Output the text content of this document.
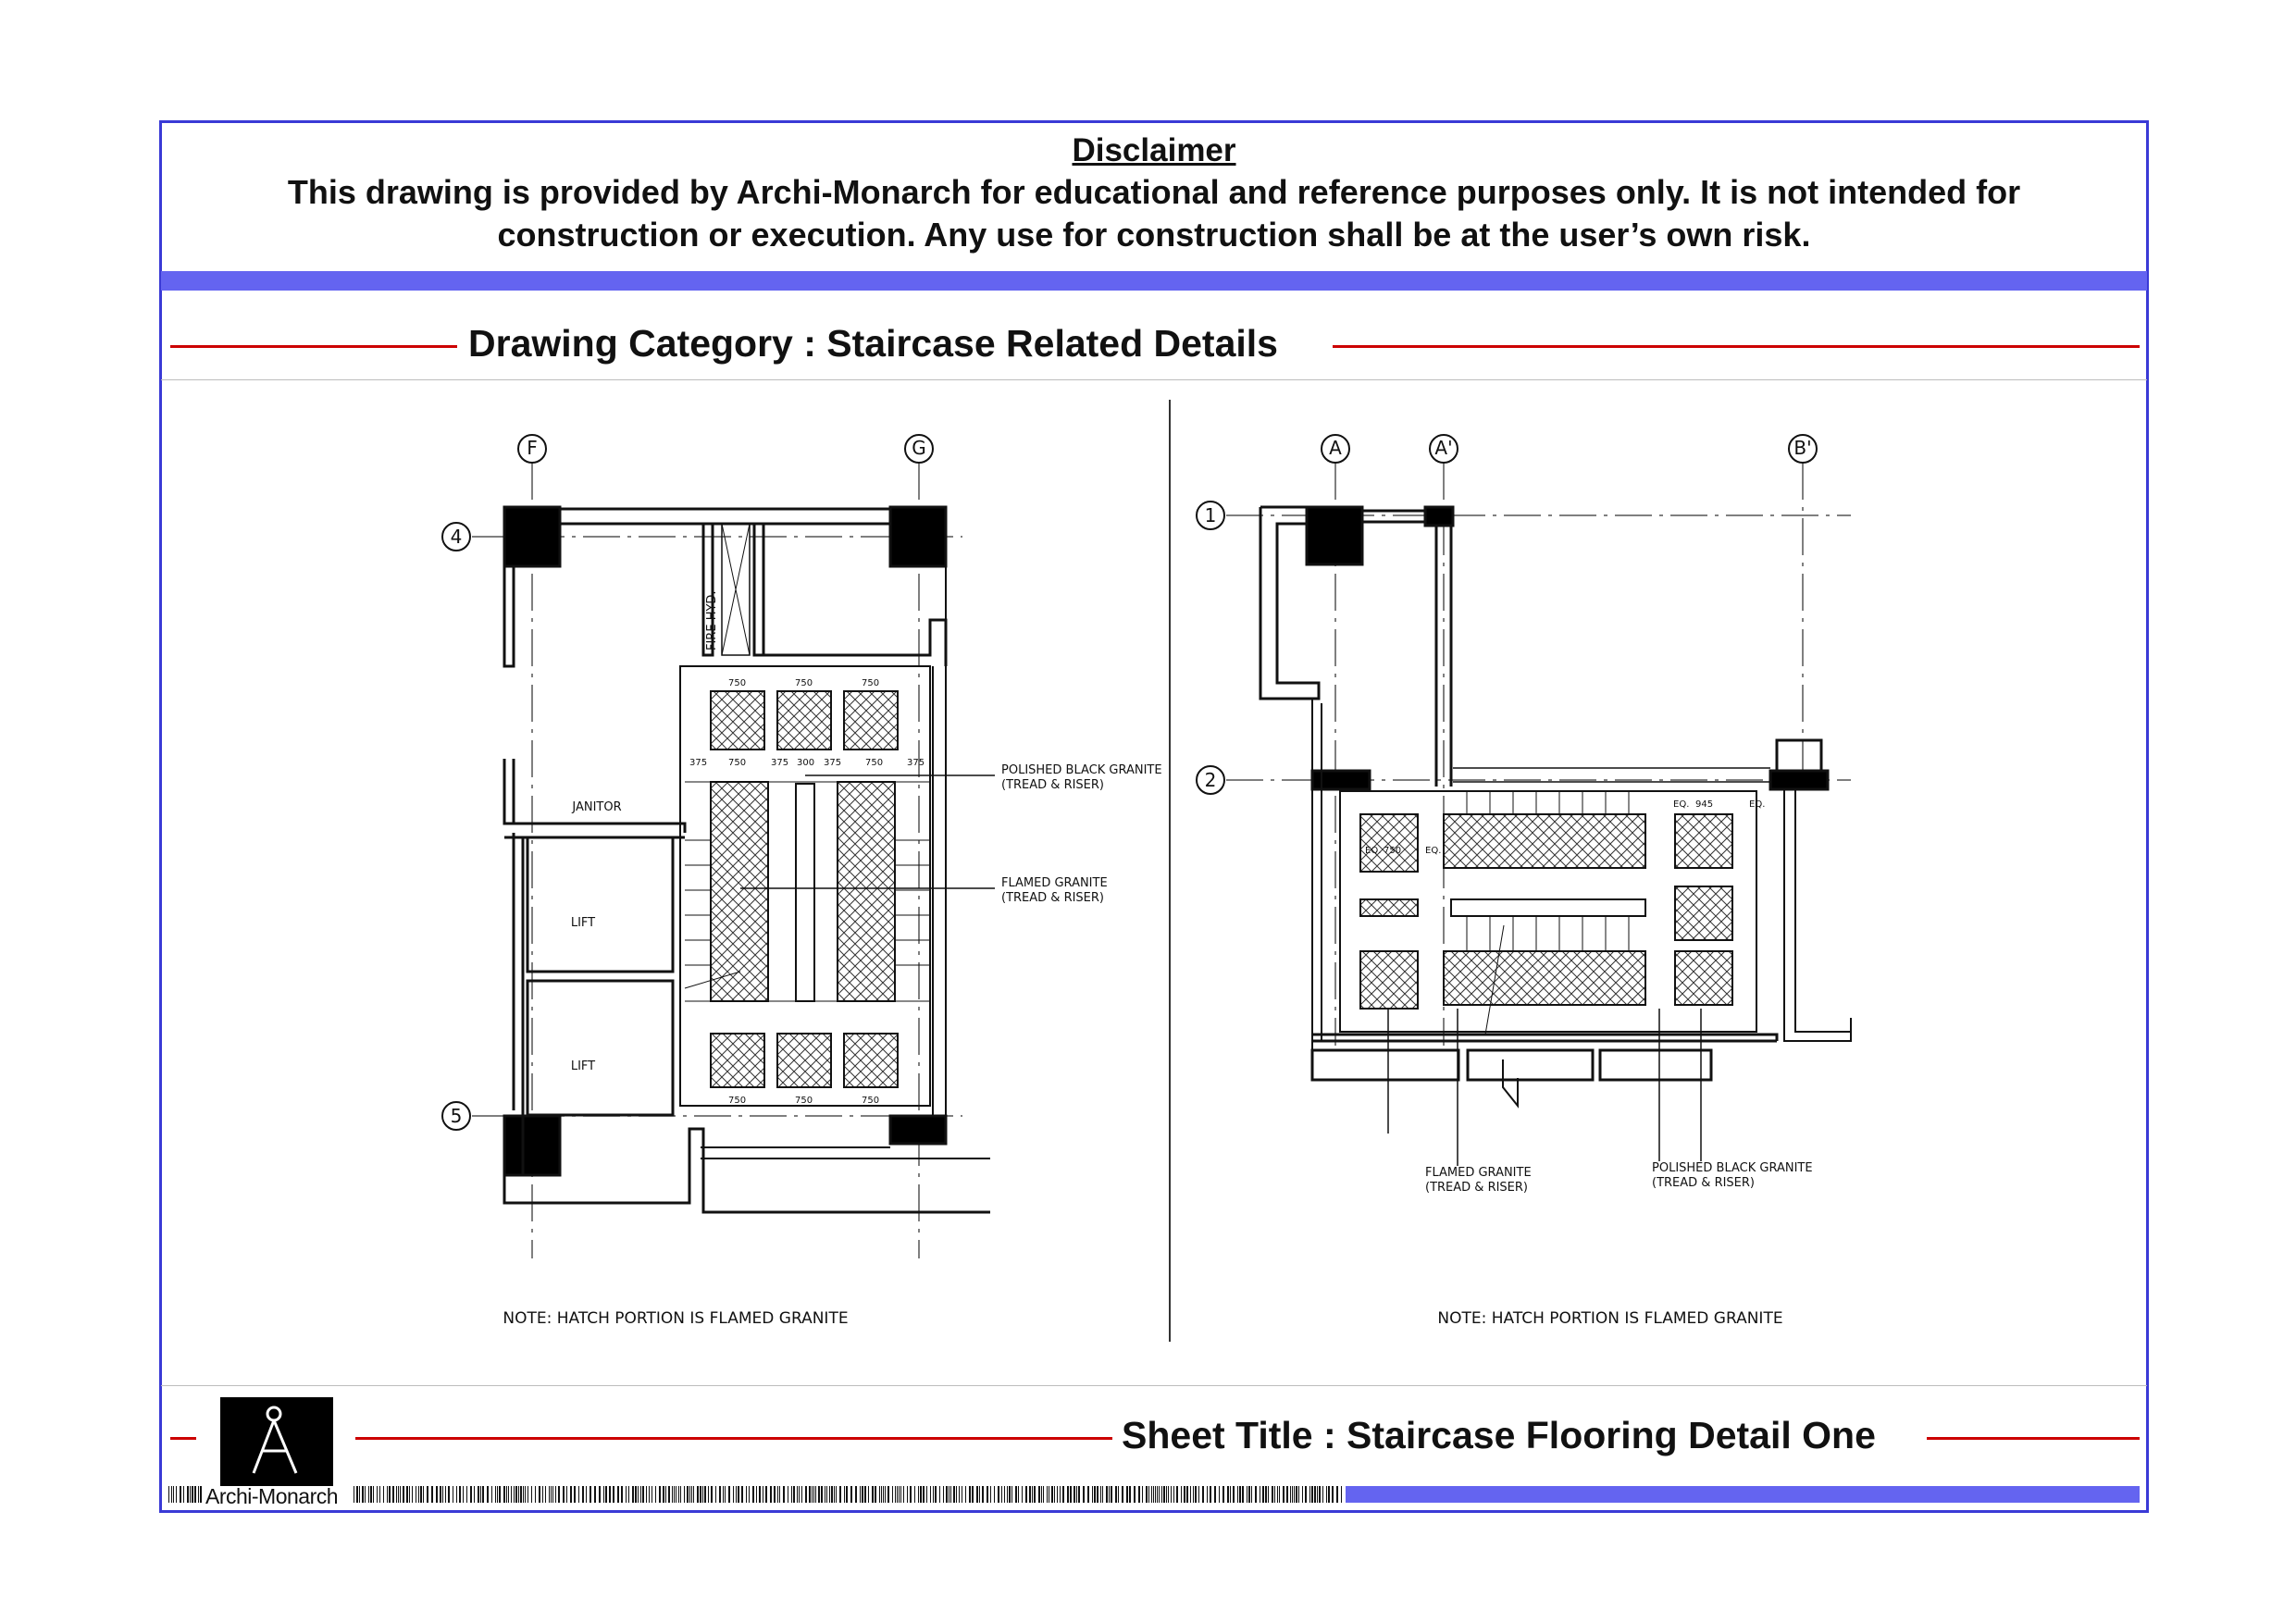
Disclaimer
This drawing is provided by Archi-Monarch for educational and reference purposes only. It is not intended for
construction or execution. Any use for construction shall be at the user’s own risk.
Drawing Category : Staircase Related Details
F	G
4
5
FIRE HYD.
JANITOR
LIFT
LIFT
POLISHED BLACK GRANITE
(TREAD & RISER)
FLAMED GRANITE
(TREAD & RISER)
750	750	750
375 750	375 300 375	750	375
750	750	750
NOTE: HATCH PORTION IS FLAMED GRANITE
A	A'	B'
1
2
FLAMED GRANITE
(TREAD & RISER)
POLISHED BLACK GRANITE
(TREAD & RISER)
750
EQ.	EQ.
945
EQ.	EQ.
NOTE: HATCH PORTION IS FLAMED GRANITE
Sheet Title : Staircase Flooring Detail One
Archi-Monarch
